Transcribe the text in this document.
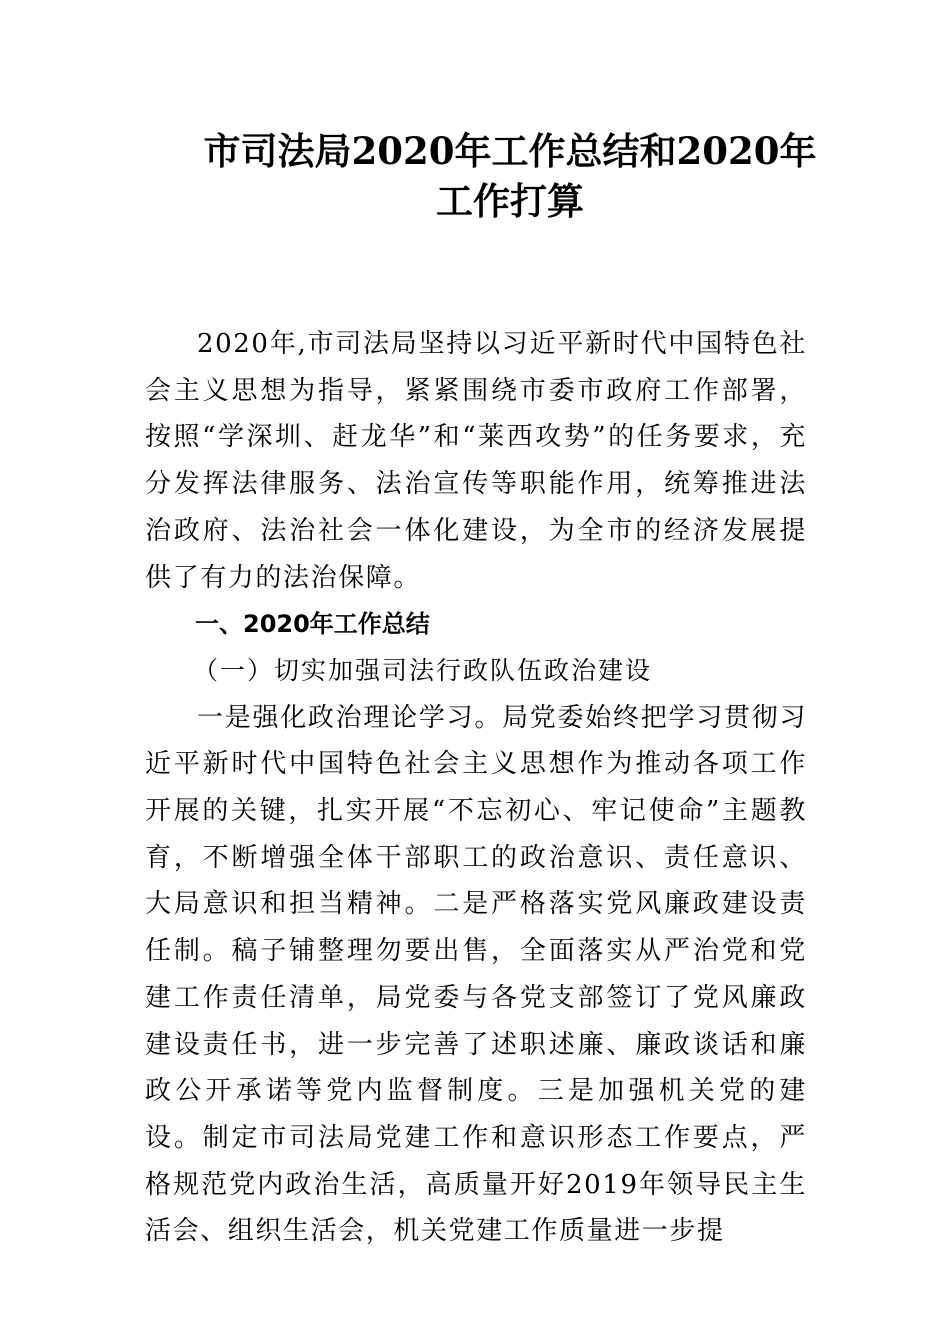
市司法局2020年工作总结和2020年
工作打算

2020年,市司法局坚持以习近平新时代中国特色社会主义思想为指导，紧紧围绕市委市政府工作部署，按照“学深圳、赶龙华”和“莱西攻势”的任务要求，充分发挥法律服务、法治宣传等职能作用，统筹推进法治政府、法治社会一体化建设，为全市的经济发展提供了有力的法治保障。

一、2020年工作总结

（一）切实加强司法行政队伍政治建设

一是强化政治理论学习。局党委始终把学习贯彻习近平新时代中国特色社会主义思想作为推动各项工作开展的关键，扎实开展“不忘初心、牢记使命”主题教育，不断增强全体干部职工的政治意识、责任意识、大局意识和担当精神。二是严格落实党风廉政建设责任制。稿子铺整理勿要出售，全面落实从严治党和党建工作责任清单，局党委与各党支部签订了党风廉政建设责任书，进一步完善了述职述廉、廉政谈话和廉政公开承诺等党内监督制度。三是加强机关党的建设。制定市司法局党建工作和意识形态工作要点，严格规范党内政治生活，高质量开好2019年领导民主生活会、组织生活会，机关党建工作质量进一步提
